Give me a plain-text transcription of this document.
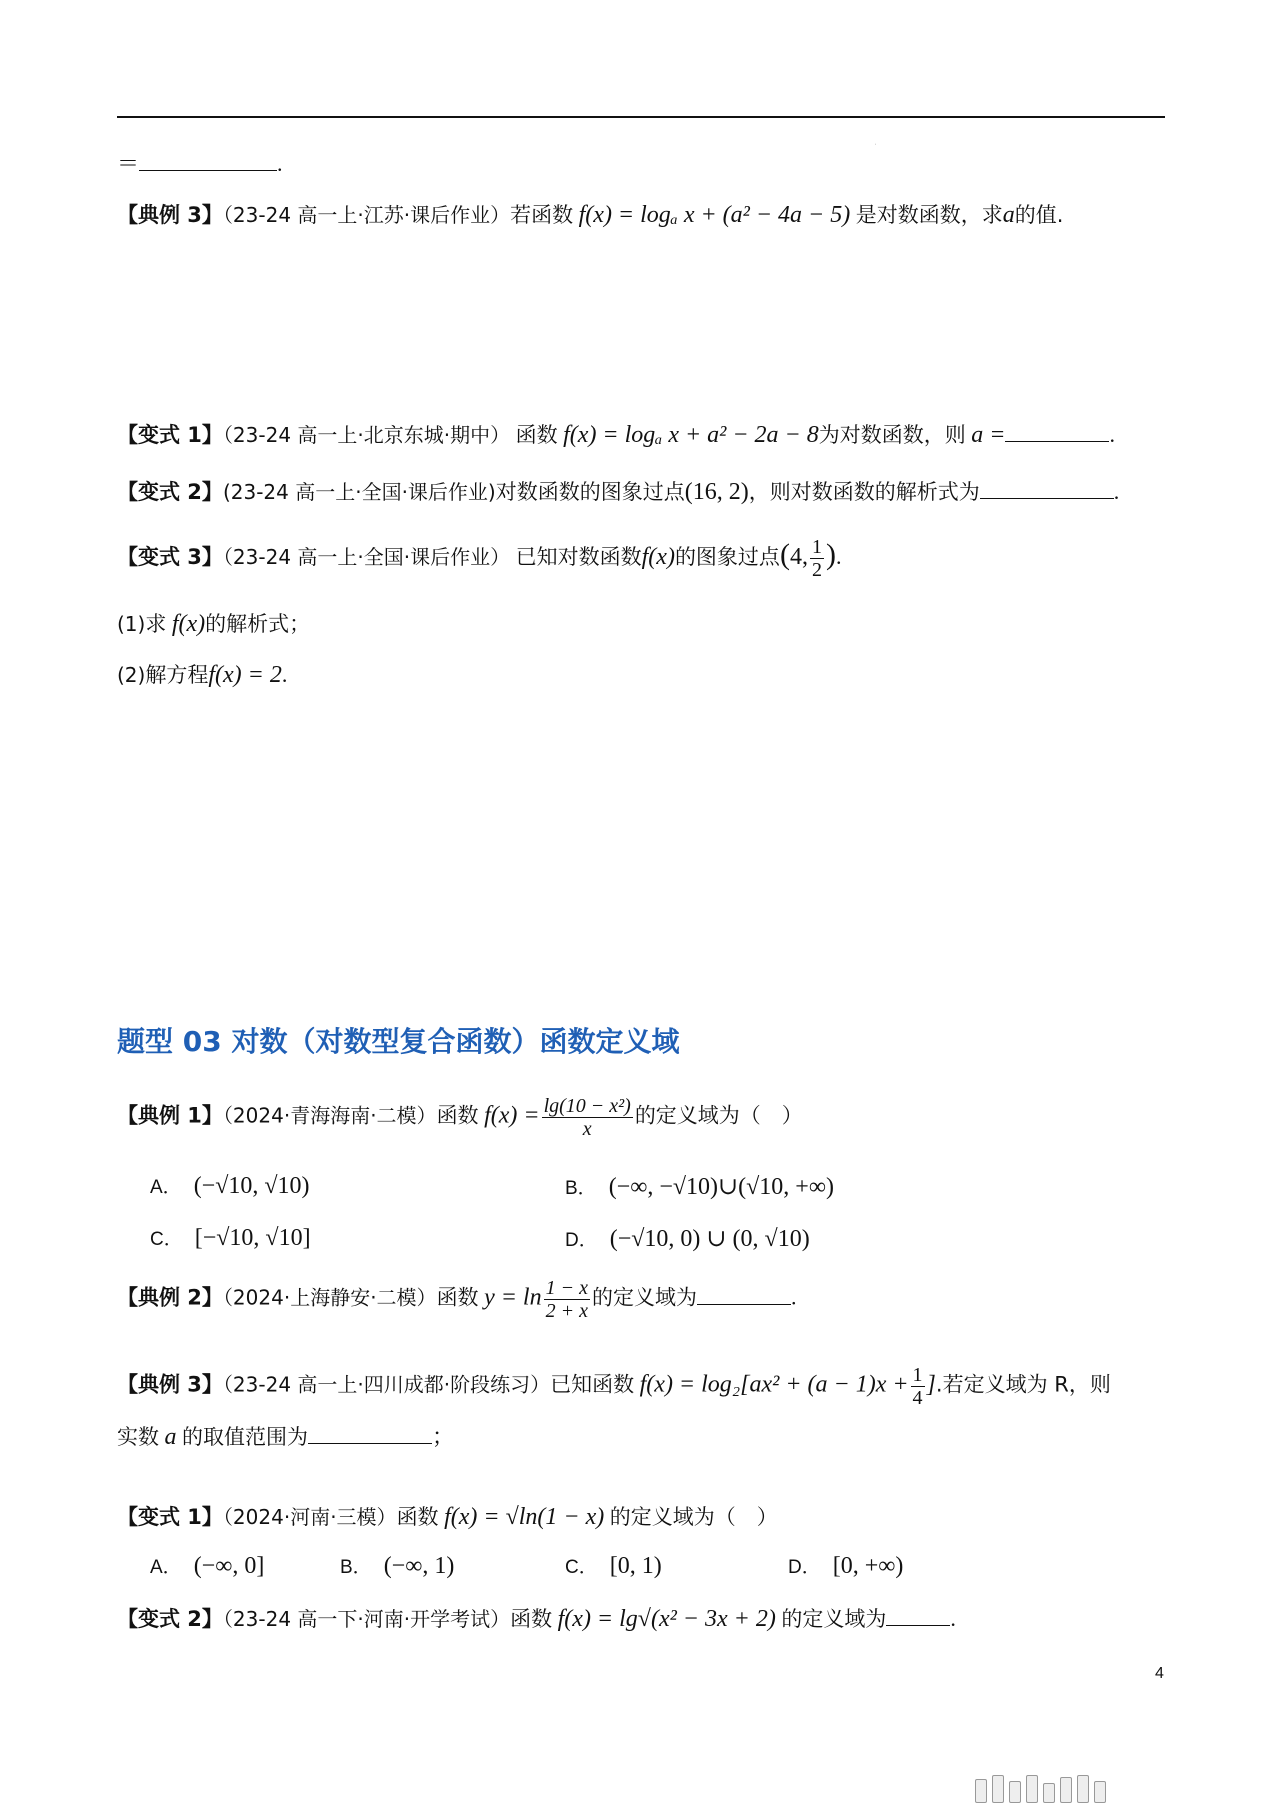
ˌ
＝	.
【典例 3】（23-24 高一上·江苏·课后作业）若函数 f(x) = logₐ x + (a² − 4a − 5) 是对数函数，求a的值.
【变式 1】（23-24 高一上·北京东城·期中） 函数 f(x) = logₐ x + a² − 2a − 8为对数函数，则 a =	.
【变式 2】(23-24 高一上·全国·课后作业)对数函数的图象过点(16, 2)，则对数函数的解析式为	.
【变式 3】（23-24 高一上·全国·课后作业） 已知对数函数f(x)的图象过点(4, $\frac{1}{2}$ ).
(1)求 f(x)的解析式；
(2)解方程f(x) = 2.
题型 03 对数（对数型复合函数）函数定义域
【典例 1】（2024·青海海南·二模）函数 $f(x) = \frac{\text{lg(10 − x²)}}{x}$ 的定义域为（　）
A． (−√10, √10)	B． (−∞, −√10)∪(√10, +∞)
C． [−√10, √10]	D． (−√10, 0) ∪ (0, √10)
【典例 2】（2024·上海静安·二模）函数 $y = \ln \frac{1 - x}{2 + x}$ 的定义域为	.
【典例 3】（23-24 高一上·四川成都·阶段练习）已知函数 $f(x) = \log_2[ax^2 + (a - 1)x + \frac{1}{4}$ ].若定义域为 R，则
实数 a 的取值范围为	；
【变式 1】（2024·河南·三模）函数 f(x) = √ln(1 − x) 的定义域为（　）
A． (−∞, 0]	B． (−∞, 1)	C． [0, 1)	D． [0, +∞)
【变式 2】（23-24 高一下·河南·开学考试）函数 f(x) = lg√(x² − 3x + 2) 的定义域为	.
4
